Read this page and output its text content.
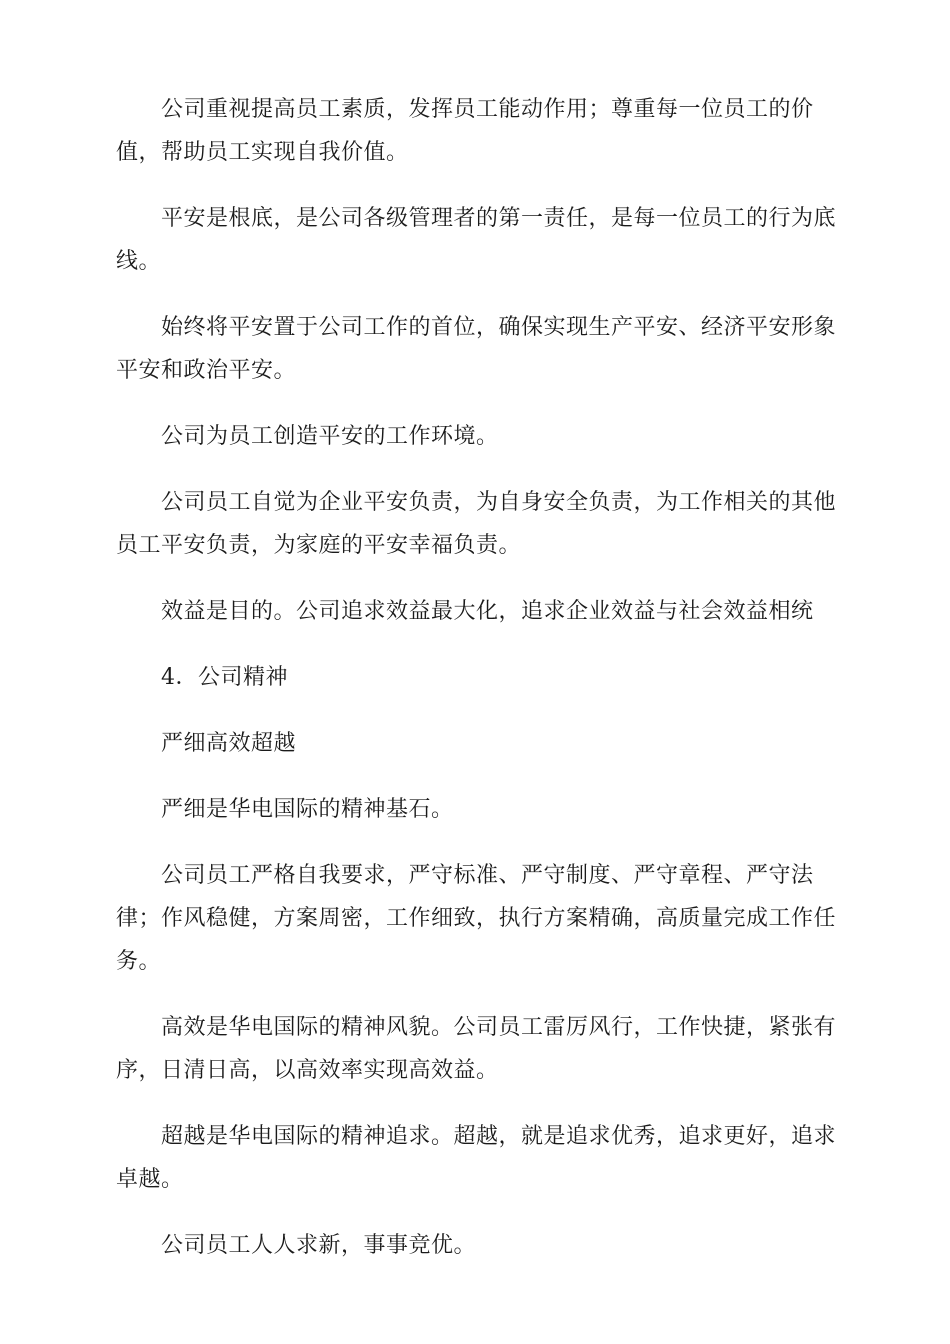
公司重视提高员工素质，发挥员工能动作用；尊重每一位员工的价值，帮助员工实现自我价值。

平安是根底，是公司各级管理者的第一责任，是每一位员工的行为底线。

始终将平安置于公司工作的首位，确保实现生产平安、经济平安形象平安和政治平安。

公司为员工创造平安的工作环境。

公司员工自觉为企业平安负责，为自身安全负责，为工作相关的其他员工平安负责，为家庭的平安幸福负责。

效益是目的。公司追求效益最大化，追求企业效益与社会效益相统

4．公司精神

严细高效超越

严细是华电国际的精神基石。

公司员工严格自我要求，严守标准、严守制度、严守章程、严守法律；作风稳健，方案周密，工作细致，执行方案精确，高质量完成工作任务。

高效是华电国际的精神风貌。公司员工雷厉风行，工作快捷，紧张有序，日清日高，以高效率实现高效益。

超越是华电国际的精神追求。超越，就是追求优秀，追求更好，追求卓越。

公司员工人人求新，事事竞优。
